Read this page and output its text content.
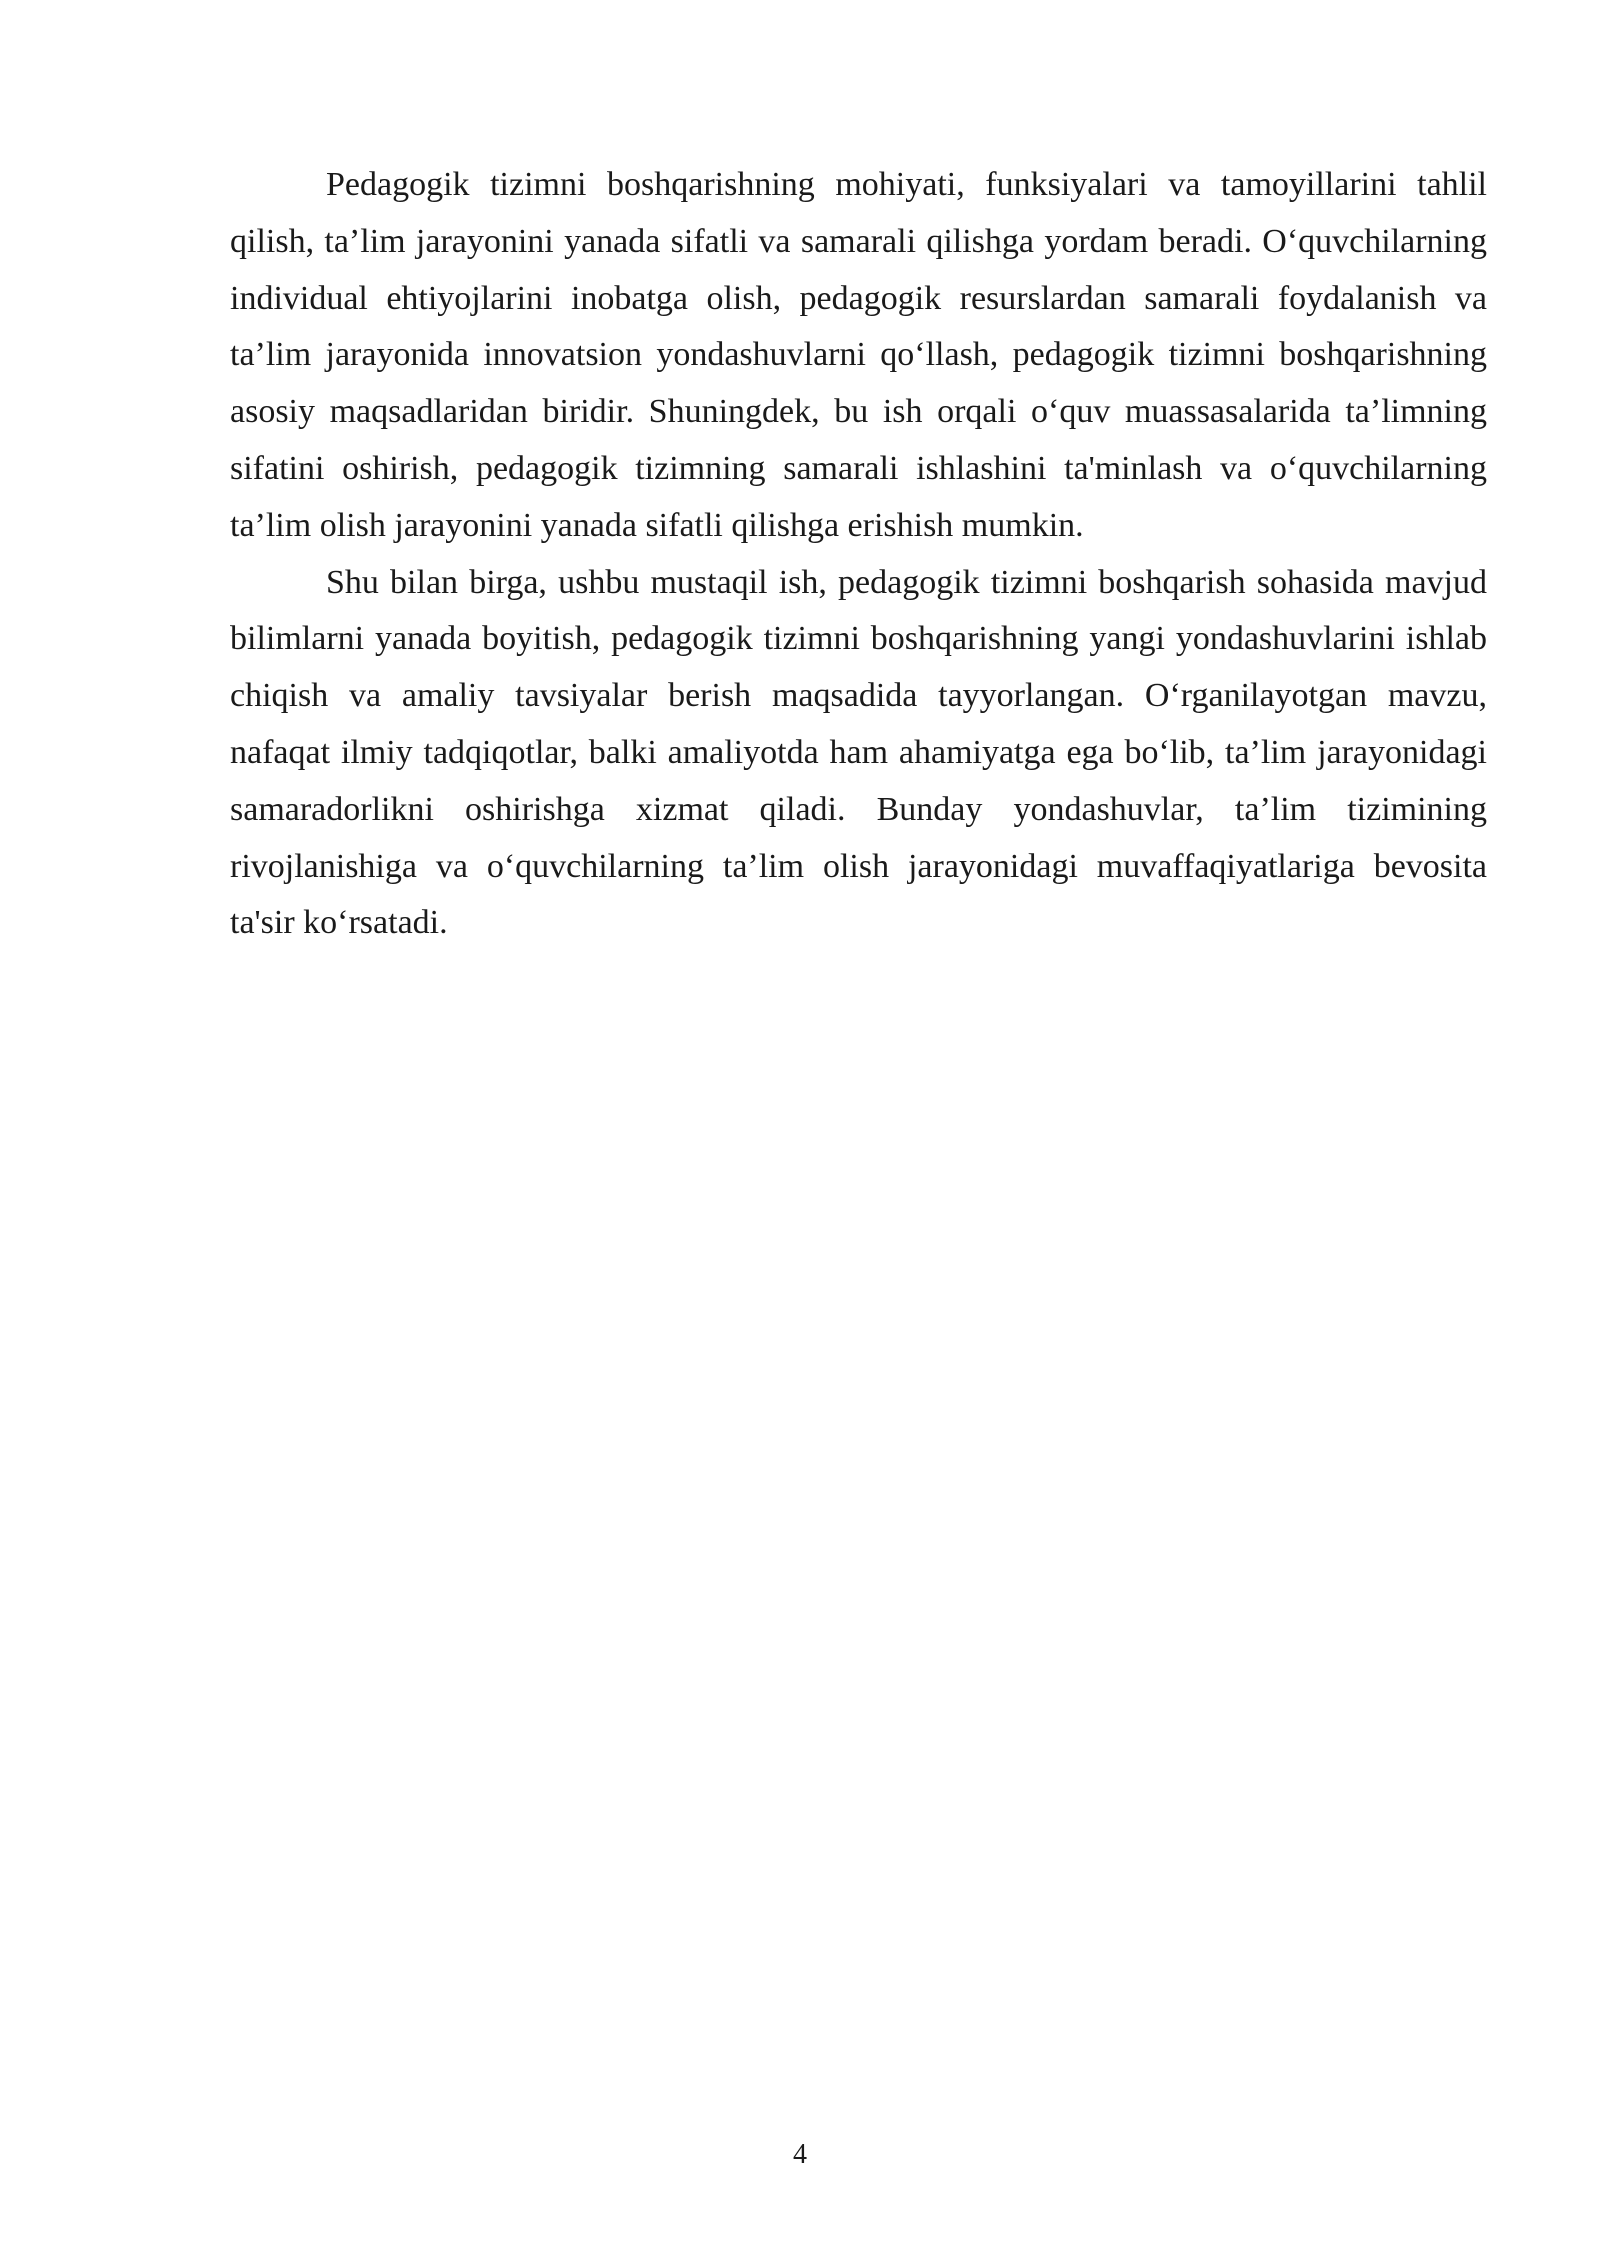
Pedagogik tizimni boshqarishning mohiyati, funksiyalari va tamoyillarini tahlil qilish, ta’lim jarayonini yanada sifatli va samarali qilishga yordam beradi. O‘quvchilarning individual ehtiyojlarini inobatga olish, pedagogik resurslardan samarali foydalanish va ta’lim jarayonida innovatsion yondashuvlarni qo‘llash, pedagogik tizimni boshqarishning asosiy maqsadlaridan biridir. Shuningdek, bu ish orqali o‘quv muassasalarida ta’limning sifatini oshirish, pedagogik tizimning samarali ishlashini ta'minlash va o‘quvchilarning ta’lim olish jarayonini yanada sifatli qilishga erishish mumkin.

Shu bilan birga, ushbu mustaqil ish, pedagogik tizimni boshqarish sohasida mavjud bilimlarni yanada boyitish, pedagogik tizimni boshqarishning yangi yondashuvlarini ishlab chiqish va amaliy tavsiyalar berish maqsadida tayyorlangan. O‘rganilayotgan mavzu, nafaqat ilmiy tadqiqotlar, balki amaliyotda ham ahamiyatga ega bo‘lib, ta’lim jarayonidagi samaradorlikni oshirishga xizmat qiladi. Bunday yondashuvlar, ta’lim tizimining rivojlanishiga va o‘quvchilarning ta’lim olish jarayonidagi muvaffaqiyatlariga bevosita ta'sir ko‘rsatadi.

4
